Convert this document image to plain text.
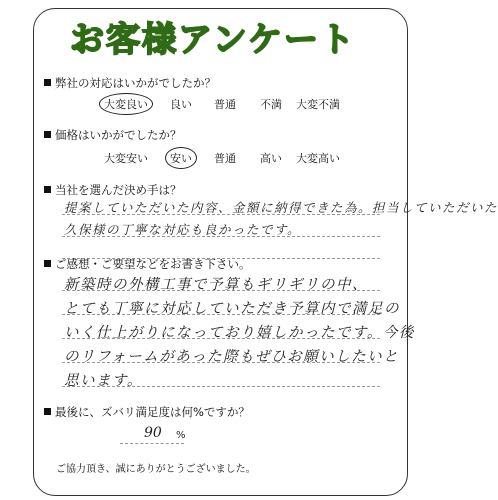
お客様アンケート
弊社の対応はいかがでしたか？
大変良い	良い 普通 不満 大変不満
価格はいかがでしたか？
大変安い	安い	普通 高い 大変高い
当社を選んだ決め手は？
提案していただいた内容、金額に納得できた為。担当していただいた
久保様の丁寧な対応も良かったです。
ご感想・ご要望などをお書き下さい。
新築時の外構工事で予算もギリギリの中、
とても丁寧に対応していただき予算内で満足の
いく仕上がりになっており嬉しかったです。今後
のリフォームがあった際もぜひお願いしたいと
思います。
最後に、ズバリ満足度は何%ですか？
90 %
ご協力頂き、誠にありがとうございました。
